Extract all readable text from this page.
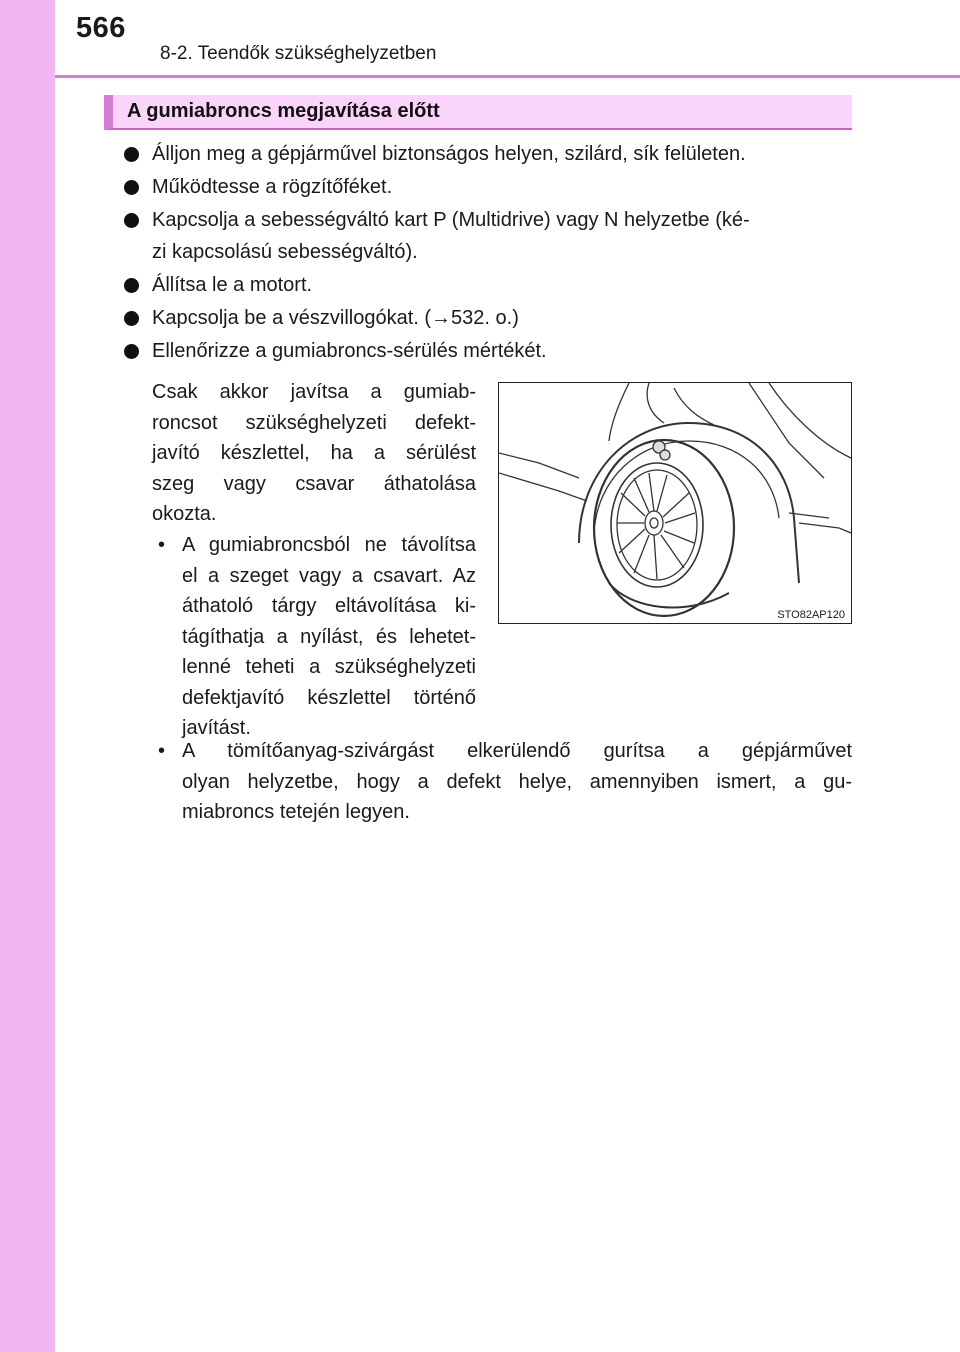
566
8-2. Teendők szükséghelyzetben
A gumiabroncs megjavítása előtt
Álljon meg a gépjárművel biztonságos helyen, szilárd, sík felületen.
Működtesse a rögzítőféket.
Kapcsolja a sebességváltó kart P (Multidrive) vagy N helyzetbe (ké-
zi kapcsolású sebességváltó).
Állítsa le a motort.
Kapcsolja be a vészvillogókat. (→532. o.)
Ellenőrizze a gumiabroncs-sérülés mértékét.
Csak akkor javítsa a gumiab-
roncsot szükséghelyzeti defekt-
javító készlettel, ha a sérülést
szeg vagy csavar áthatolása
okozta.
• A gumiabroncsból ne távolítsa
el a szeget vagy a csavart. Az
áthatoló tárgy eltávolítása ki-
tágíthatja a nyílást, és lehetet-
lenné teheti a szükséghelyzeti
defektjavító készlettel történő
javítást.
• A tömítőanyag-szivárgást elkerülendő gurítsa a gépjárművet
olyan helyzetbe, hogy a defekt helye, amennyiben ismert, a gu-
miabroncs tetején legyen.
STO82AP120
